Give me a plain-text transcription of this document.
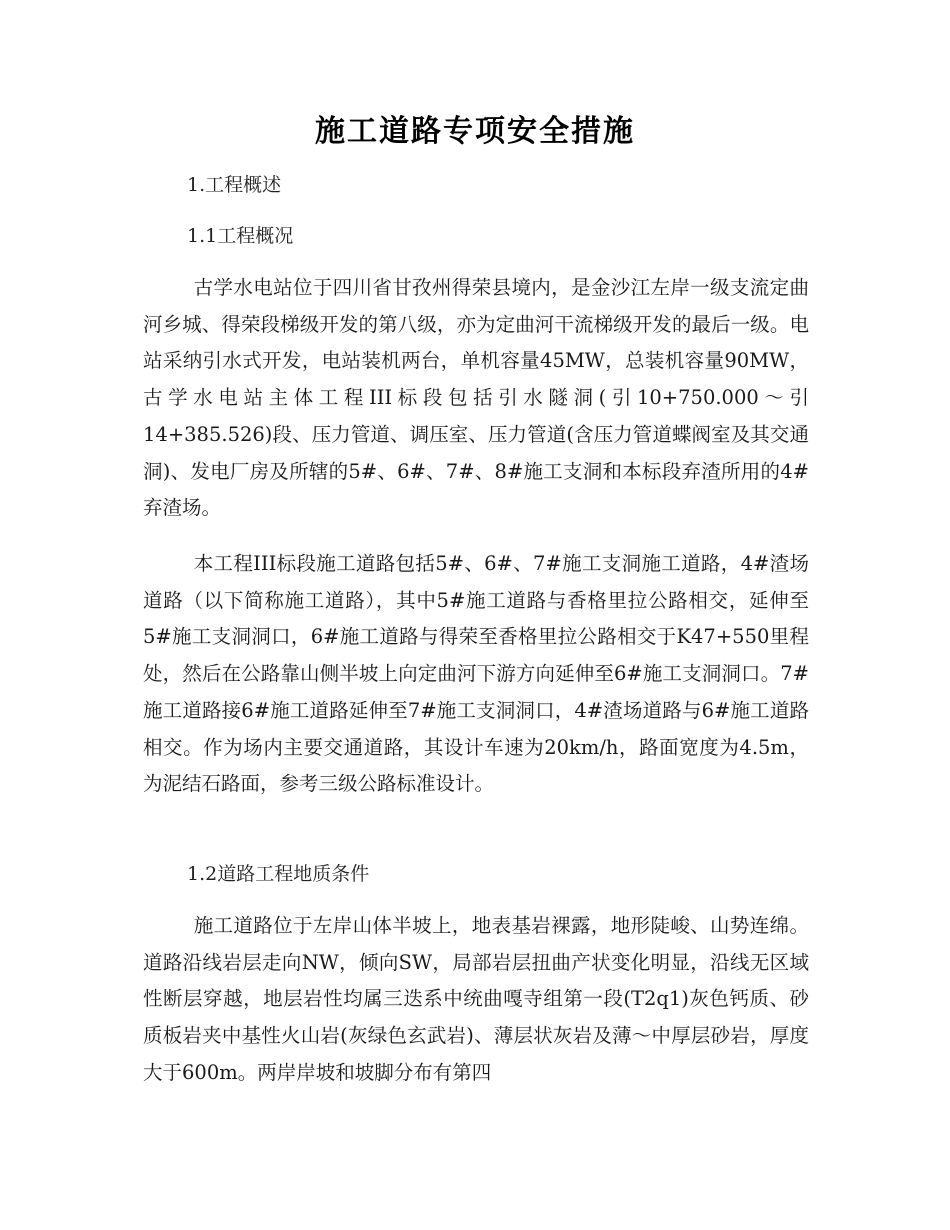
施工道路专项安全措施
1.工程概述
1.1工程概况

古学水电站位于四川省甘孜州得荣县境内，是金沙江左岸一级支流定曲河乡城、得荣段梯级开发的第八级，亦为定曲河干流梯级开发的最后一级。电站采纳引水式开发，电站装机两台，单机容量45MW，总装机容量90MW，古学水电站主体工程III标段包括引水隧洞(引10+750.000～引14+385.526)段、压力管道、调压室、压力管道(含压力管道蝶阀室及其交通洞)、发电厂房及所辖的5#、6#、7#、8#施工支洞和本标段弃渣所用的4#弃渣场。

本工程III标段施工道路包括5#、6#、7#施工支洞施工道路，4#渣场道路（以下简称施工道路），其中5#施工道路与香格里拉公路相交，延伸至5#施工支洞洞口，6#施工道路与得荣至香格里拉公路相交于K47+550里程处，然后在公路靠山侧半坡上向定曲河下游方向延伸至6#施工支洞洞口。7#施工道路接6#施工道路延伸至7#施工支洞洞口，4#渣场道路与6#施工道路相交。作为场内主要交通道路，其设计车速为20km/h，路面宽度为4.5m，为泥结石路面，参考三级公路标准设计。

1.2道路工程地质条件

施工道路位于左岸山体半坡上，地表基岩裸露，地形陡峻、山势连绵。道路沿线岩层走向NW，倾向SW，局部岩层扭曲产状变化明显，沿线无区域性断层穿越，地层岩性均属三迭系中统曲嘎寺组第一段(T2q1)灰色钙质、砂质板岩夹中基性火山岩(灰绿色玄武岩)、薄层状灰岩及薄～中厚层砂岩，厚度大于600m。两岸岸坡和坡脚分布有第四
